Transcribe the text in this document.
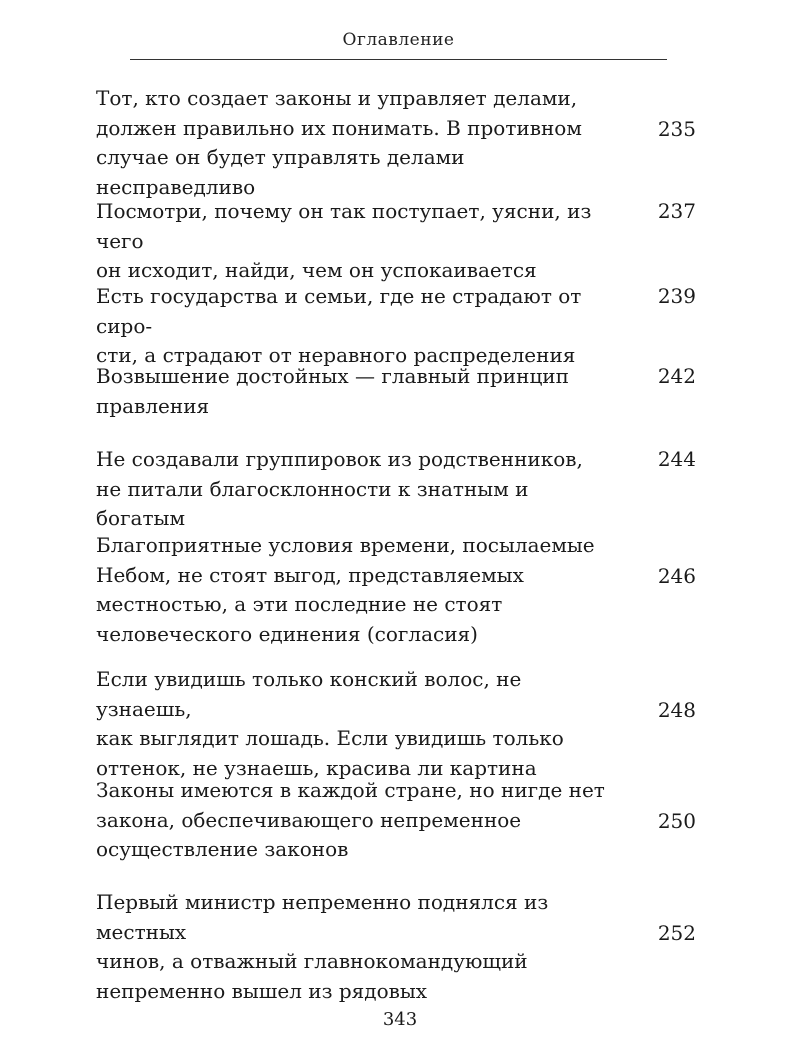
Оглавление
Тот, кто создает законы и управляет делами,
должен правильно их понимать. В противном
случае он будет управлять делами несправедливо
235
Посмотри, почему он так поступает, уясни, из чего
он исходит, найди, чем он успокаивается
237
Есть государства и семьи, где не страдают от сиро-
сти, а страдают от неравного распределения
239
Возвышение достойных — главный принцип
правления
242
Не создавали группировок из родственников,
не питали благосклонности к знатным и богатым
244
Благоприятные условия времени, посылаемые
Небом, не стоят выгод, представляемых
местностью, а эти последние не стоят
человеческого единения (согласия)
246
Если увидишь только конский волос, не узнаешь,
как выглядит лошадь. Если увидишь только
оттенок, не узнаешь, красива ли картина
248
Законы имеются в каждой стране, но нигде нет
закона, обеспечивающего непременное
осуществление законов
250
Первый министр непременно поднялся из местных
чинов, а отважный главнокомандующий
непременно вышел из рядовых
252
343
